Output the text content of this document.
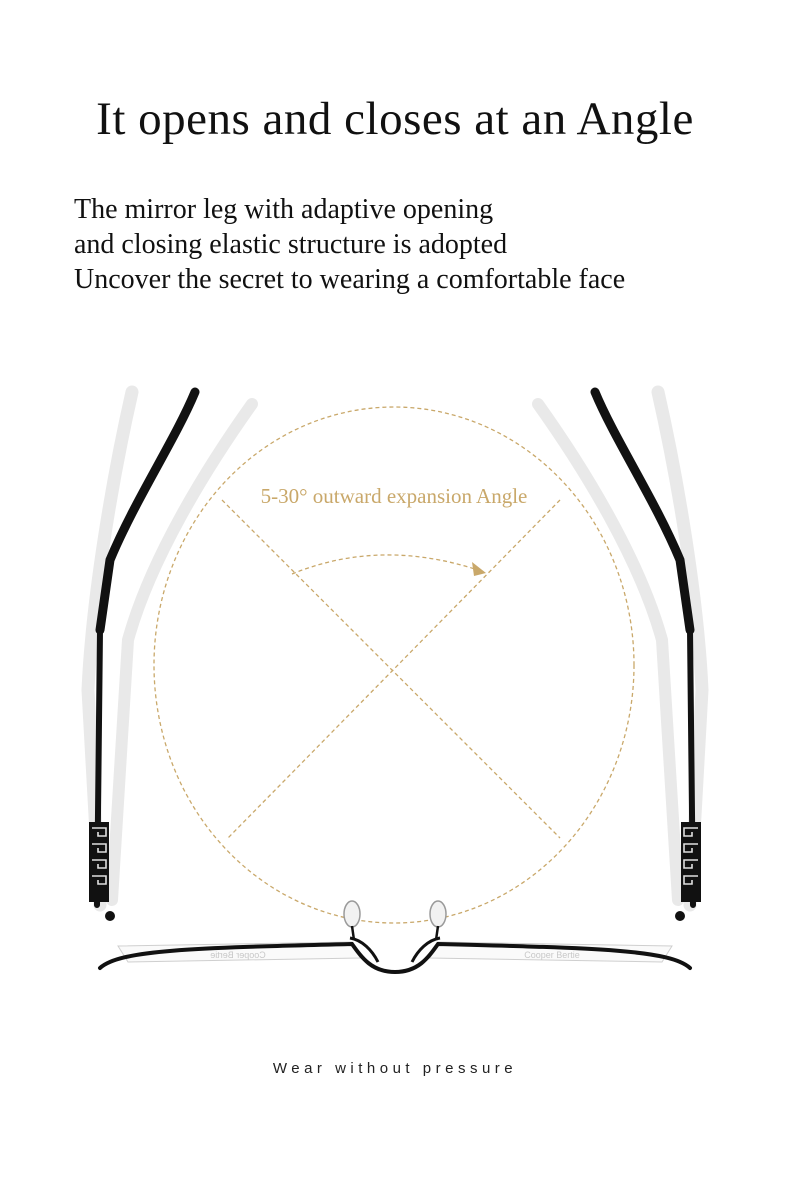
It opens and closes at an Angle

The mirror leg with adaptive opening
and closing elastic structure is adopted
Uncover the secret to wearing a comfortable face

5-30° outward expansion Angle
Cooper Bertie	Cooper Bertie
Wear without pressure
